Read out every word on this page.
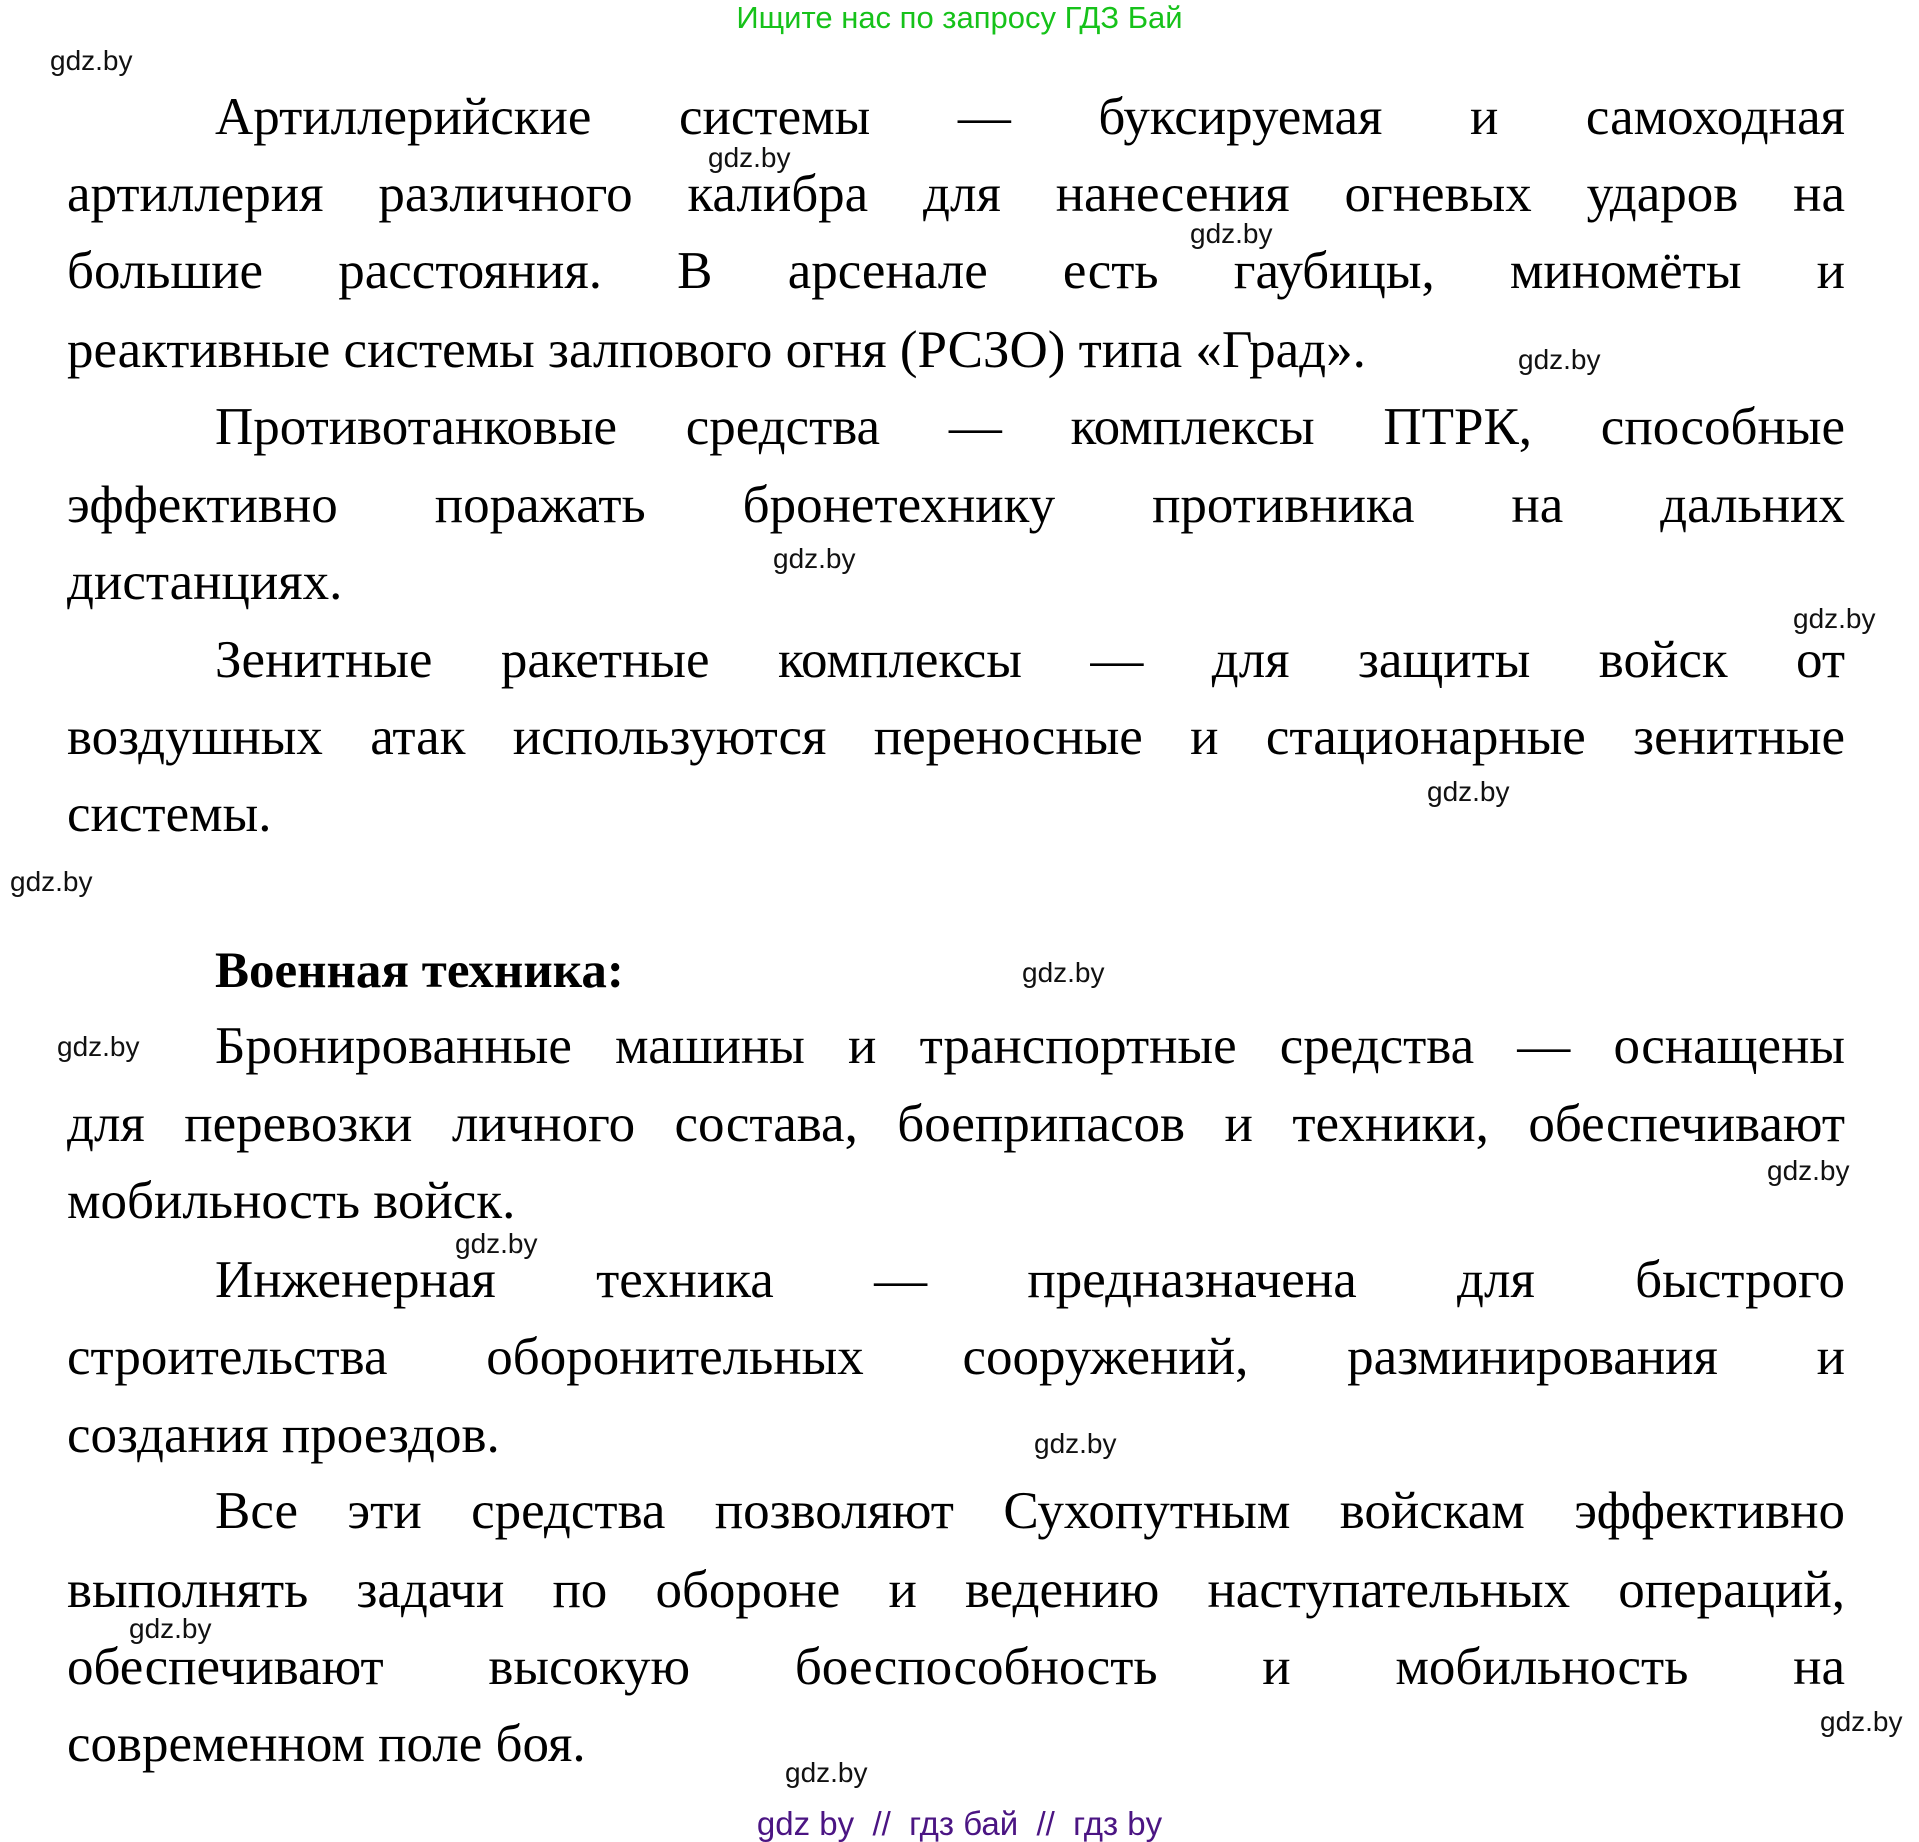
Ищите нас по запросу ГДЗ Бай
gdz.by
gdz.by
gdz.by
gdz.by
gdz.by
gdz.by
gdz.by
gdz.by
gdz.by
gdz.by
gdz.by
gdz.by
gdz.by
gdz.by
gdz.by
gdz.by
Артиллерийские системы — буксируемая и самоходная
артиллерия различного калибра для нанесения огневых ударов на
большие расстояния. В арсенале есть гаубицы, миномёты и
реактивные системы залпового огня (РСЗО) типа «Град».
Противотанковые средства — комплексы ПТРК, способные
эффективно поражать бронетехнику противника на дальних
дистанциях.
Зенитные ракетные комплексы — для защиты войск от
воздушных атак используются переносные и стационарные зенитные
системы.
Военная техника:
Бронированные машины и транспортные средства — оснащены
для перевозки личного состава, боеприпасов и техники, обеспечивают
мобильность войск.
Инженерная техника — предназначена для быстрого
строительства оборонительных сооружений, разминирования и
создания проездов.
Все эти средства позволяют Сухопутным войскам эффективно
выполнять задачи по обороне и ведению наступательных операций,
обеспечивают высокую боеспособность и мобильность на
современном поле боя.
gdz by  //  гдз бай  //  гдз by
